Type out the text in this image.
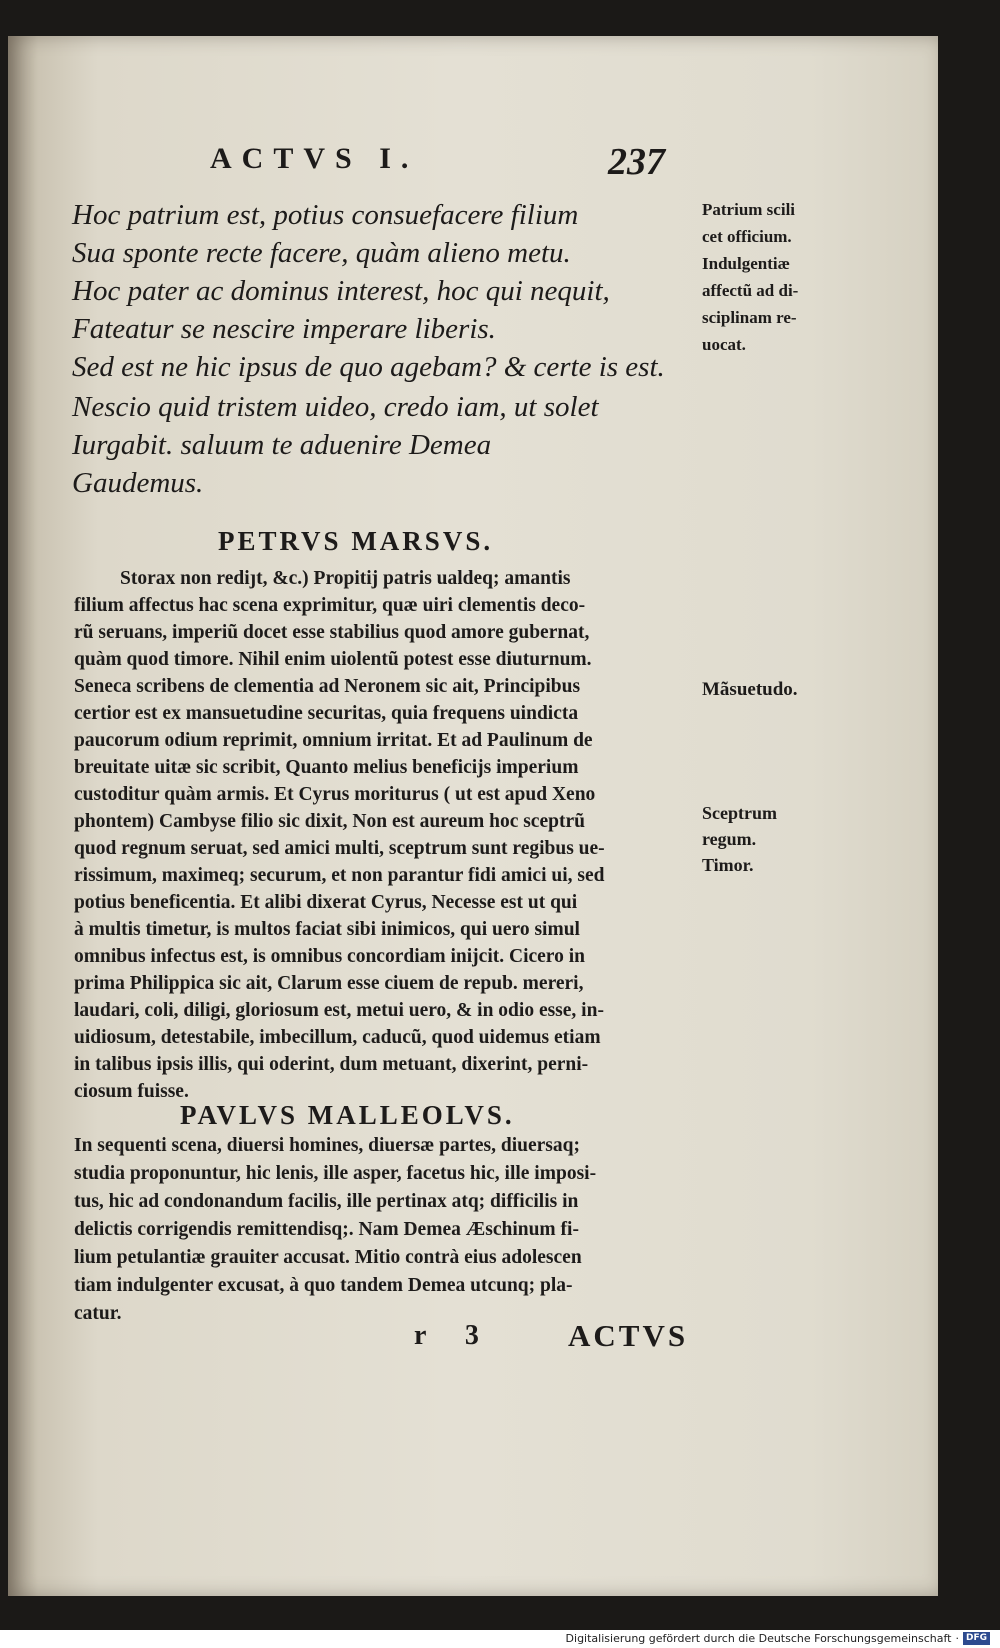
ACTVS I.	237
Hoc patrium est, potius consuefacere filium
Sua sponte recte facere, quàm alieno metu.
Hoc pater ac dominus interest, hoc qui nequit,
Fateatur se nescire imperare liberis.
Sed est ne hic ipsus de quo agebam? & certe is est.
Nescio quid tristem uideo, credo iam, ut solet
Iurgabit. saluum te aduenire Demea
Gaudemus.
PETRVS MARSVS.
Storax non rediȷt, &c.) Propitij patris ualdeq; amantis
filium affectus hac scena exprimitur, quæ uiri clementis deco-
rũ seruans, imperiũ docet esse stabilius quod amore gubernat,
quàm quod timore. Nihil enim uiolentũ potest esse diuturnum.
Seneca scribens de clementia ad Neronem sic ait, Principibus
certior est ex mansuetudine securitas, quia frequens uindicta
paucorum odium reprimit, omnium irritat. Et ad Paulinum de
breuitate uitæ sic scribit, Quanto melius beneficijs imperium
custoditur quàm armis. Et Cyrus moriturus ( ut est apud Xeno
phontem) Cambyse filio sic dixit, Non est aureum hoc sceptrũ
quod regnum seruat, sed amici multi, sceptrum sunt regibus ue-
rissimum, maximeq; securum, et non parantur fidi amici ui, sed
potius beneficentia. Et alibi dixerat Cyrus, Necesse est ut qui
à multis timetur, is multos faciat sibi inimicos, qui uero simul
omnibus infectus est, is omnibus concordiam inijcit. Cicero in
prima Philippica sic ait, Clarum esse ciuem de repub. mereri,
laudari, coli, diligi, gloriosum est, metui uero, & in odio esse, in-
uidiosum, detestabile, imbecillum, caducũ, quod uidemus etiam
in talibus ipsis illis, qui oderint, dum metuant, dixerint, perni-
ciosum fuisse.
PAVLVS MALLEOLVS.
In sequenti scena, diuersi homines, diuersæ partes, diuersaq;
studia proponuntur, hic lenis, ille asper, facetus hic, ille imposi-
tus, hic ad condonandum facilis, ille pertinax atq; difficilis in
delictis corrigendis remittendisq;. Nam Demea Æschinum fi-
lium petulantiæ grauiter accusat. Mitio contrà eius adolescen
tiam indulgenter excusat, à quo tandem Demea utcunq; pla-
catur.
Patrium scili
cet officium.
Indulgentiæ
affectũ ad di-
sciplinam re-
uocat.
Mãsuetudo.
Sceptrum
regum.
Timor.
r 3 ACTVS
Digitalisierung gefördert durch die Deutsche Forschungsgemeinschaft · DFG
